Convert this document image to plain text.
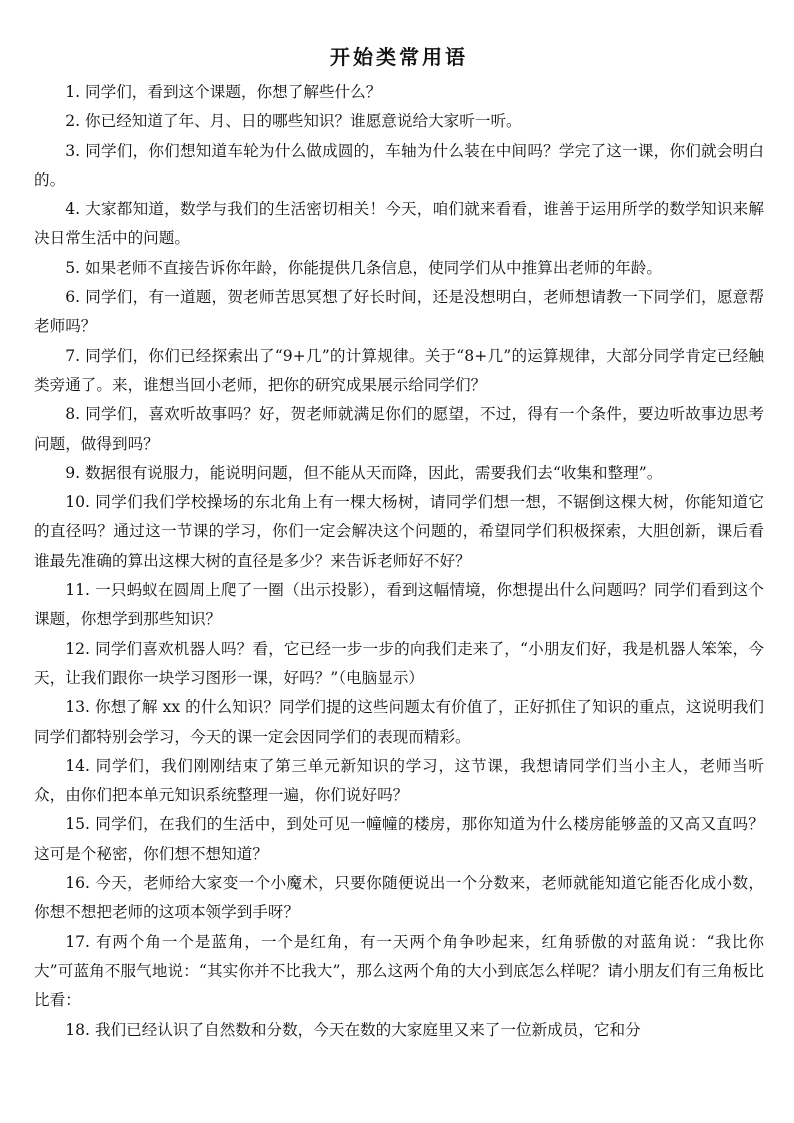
开始类常用语

1. 同学们，看到这个课题，你想了解些什么？

2. 你已经知道了年、月、日的哪些知识？谁愿意说给大家听一听。

3. 同学们，你们想知道车轮为什么做成圆的，车轴为什么装在中间吗？学完了这一课，你们就会明白的。

4. 大家都知道，数学与我们的生活密切相关！今天，咱们就来看看，谁善于运用所学的数学知识来解决日常生活中的问题。

5. 如果老师不直接告诉你年龄，你能提供几条信息，使同学们从中推算出老师的年龄。

6. 同学们，有一道题，贺老师苦思冥想了好长时间，还是没想明白，老师想请教一下同学们，愿意帮老师吗？

7. 同学们，你们已经探索出了“9+几”的计算规律。关于“8+几”的运算规律，大部分同学肯定已经触类旁通了。来，谁想当回小老师，把你的研究成果展示给同学们？

8. 同学们，喜欢听故事吗？好，贺老师就满足你们的愿望，不过，得有一个条件，要边听故事边思考问题，做得到吗？

9. 数据很有说服力，能说明问题，但不能从天而降，因此，需要我们去“收集和整理”。

10. 同学们我们学校操场的东北角上有一棵大杨树，请同学们想一想，不锯倒这棵大树，你能知道它的直径吗？通过这一节课的学习，你们一定会解决这个问题的，希望同学们积极探索，大胆创新，课后看谁最先准确的算出这棵大树的直径是多少？来告诉老师好不好？

11. 一只蚂蚁在圆周上爬了一圈（出示投影），看到这幅情境，你想提出什么问题吗？同学们看到这个课题，你想学到那些知识？

12. 同学们喜欢机器人吗？看，它已经一步一步的向我们走来了，“小朋友们好，我是机器人笨笨，今天，让我们跟你一块学习图形一课，好吗？”（电脑显示）

13. 你想了解 xx 的什么知识？同学们提的这些问题太有价值了，正好抓住了知识的重点，这说明我们同学们都特别会学习，今天的课一定会因同学们的表现而精彩。

14. 同学们，我们刚刚结束了第三单元新知识的学习，这节课，我想请同学们当小主人，老师当听众，由你们把本单元知识系统整理一遍，你们说好吗？

15. 同学们，在我们的生活中，到处可见一幢幢的楼房，那你知道为什么楼房能够盖的又高又直吗？这可是个秘密，你们想不想知道？

16. 今天，老师给大家变一个小魔术，只要你随便说出一个分数来，老师就能知道它能否化成小数，你想不想把老师的这项本领学到手呀？

17. 有两个角一个是蓝角，一个是红角，有一天两个角争吵起来，红角骄傲的对蓝角说：“我比你大”可蓝角不服气地说：“其实你并不比我大”，那么这两个角的大小到底怎么样呢？请小朋友们有三角板比比看：

18. 我们已经认识了自然数和分数，今天在数的大家庭里又来了一位新成员，它和分
